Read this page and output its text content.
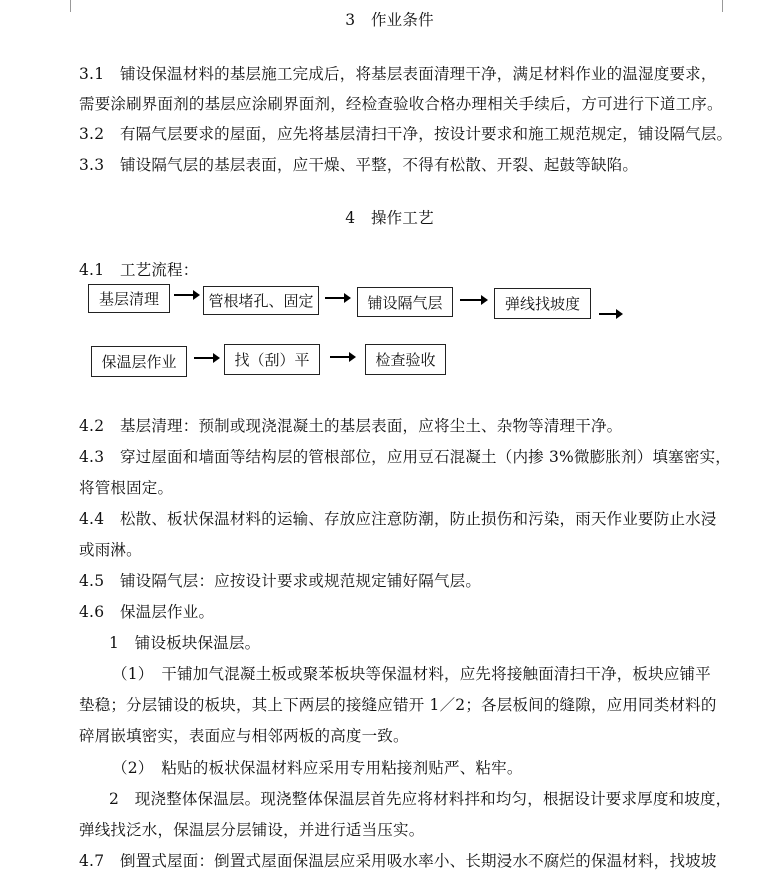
3　作业条件
3.1　铺设保温材料的基层施工完成后，将基层表面清理干净，满足材料作业的温湿度要求，
需要涂刷界面剂的基层应涂刷界面剂，经检查验收合格办理相关手续后，方可进行下道工序。
3.2　有隔气层要求的屋面，应先将基层清扫干净，按设计要求和施工规范规定，铺设隔气层。
3.3　铺设隔气层的基层表面，应干燥、平整，不得有松散、开裂、起鼓等缺陷。
4　操作工艺
4.1　工艺流程：
基层清理	管根堵孔、固定	铺设隔气层	弹线找坡度
保温层作业	找（刮）平	检查验收
4.2　基层清理：预制或现浇混凝土的基层表面，应将尘土、杂物等清理干净。
4.3　穿过屋面和墙面等结构层的管根部位，应用豆石混凝土（内掺 3%微膨胀剂）填塞密实，
将管根固定。
4.4　松散、板状保温材料的运输、存放应注意防潮，防止损伤和污染，雨天作业要防止水浸
或雨淋。
4.5　铺设隔气层：应按设计要求或规范规定铺好隔气层。
4.6　保温层作业。
1　铺设板块保温层。
（1）　干铺加气混凝土板或聚苯板块等保温材料，应先将接触面清扫干净，板块应铺平
垫稳；分层铺设的板块，其上下两层的接缝应错开 1／2；各层板间的缝隙，应用同类材料的
碎屑嵌填密实，表面应与相邻两板的高度一致。
（2）　粘贴的板状保温材料应采用专用粘接剂贴严、粘牢。
2　现浇整体保温层。现浇整体保温层首先应将材料拌和均匀，根据设计要求厚度和坡度，
弹线找泛水，保温层分层铺设，并进行适当压实。
4.7　倒置式屋面：倒置式屋面保温层应采用吸水率小、长期浸水不腐烂的保温材料，找坡坡
